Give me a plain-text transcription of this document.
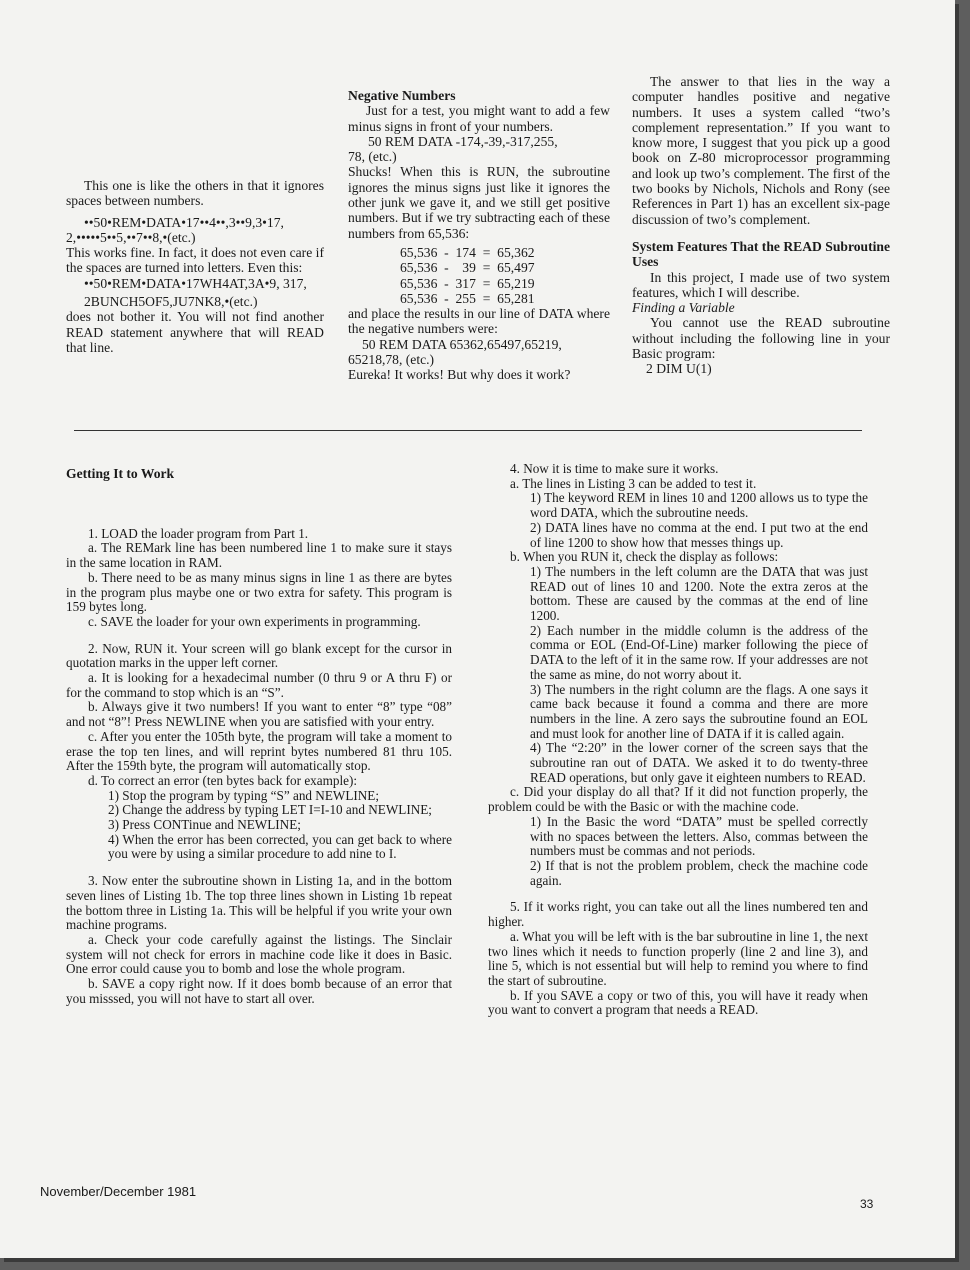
This one is like the others in that it ignores spaces between numbers.

••50•REM•DATA•17••4••,3••9,3•17, 2,•••••5••5,••7••8,•(etc.)

This works fine. In fact, it does not even care if the spaces are turned into letters. Even this:

••50•REM•DATA•17WH4AT,3A•9, 317,

2BUNCH5OF5,JU7NK8,•(etc.)

does not bother it. You will not find another READ statement anywhere that will READ that line.

Negative Numbers

Just for a test, you might want to add a few minus signs in front of your numbers.

50 REM DATA -174,-39,-317,255,

78, (etc.)

Shucks! When this is RUN, the subroutine ignores the minus signs just like it ignores the other junk we gave it, and we still get positive numbers. But if we try subtracting each of these numbers from 65,536:

65,536  -  174  =  65,362

65,536  -    39  =  65,497

65,536  -  317  =  65,219

65,536  -  255  =  65,281

and place the results in our line of DATA where the negative numbers were:

50 REM DATA 65362,65497,65219,

65218,78, (etc.)

Eureka! It works! But why does it work?

The answer to that lies in the way a computer handles positive and negative numbers. It uses a system called “two’s complement representation.” If you want to know more, I suggest that you pick up a good book on Z-80 microprocessor programming and look up two’s complement. The first of the two books by Nichols, Nichols and Rony (see References in Part 1) has an excellent six-page discussion of two’s complement.

System Features That the READ Subroutine Uses

In this project, I made use of two system features, which I will describe.

Finding a Variable

You cannot use the READ subroutine without including the following line in your Basic program:

2 DIM U(1)

Getting It to Work

1. LOAD the loader program from Part 1.

a. The REMark line has been numbered line 1 to make sure it stays in the same location in RAM.

b. There need to be as many minus signs in line 1 as there are bytes in the program plus maybe one or two extra for safety. This program is 159 bytes long.

c. SAVE the loader for your own experiments in programming.

2. Now, RUN it. Your screen will go blank except for the cursor in quotation marks in the upper left corner.

a. It is looking for a hexadecimal number (0 thru 9 or A thru F) or for the command to stop which is an “S”.

b. Always give it two numbers! If you want to enter “8” type “08” and not “8”! Press NEWLINE when you are satisfied with your entry.

c. After you enter the 105th byte, the program will take a moment to erase the top ten lines, and will reprint bytes numbered 81 thru 105. After the 159th byte, the program will automatically stop.

d. To correct an error (ten bytes back for example):

1) Stop the program by typing “S” and NEWLINE;

2) Change the address by typing LET I=I-10 and NEWLINE;

3) Press CONTinue and NEWLINE;

4) When the error has been corrected, you can get back to where you were by using a similar procedure to add nine to I.

3. Now enter the subroutine shown in Listing 1a, and in the bottom seven lines of Listing 1b. The top three lines shown in Listing 1b repeat the bottom three in Listing 1a. This will be helpful if you write your own machine programs.

a. Check your code carefully against the listings. The Sinclair system will not check for errors in machine code like it does in Basic. One error could cause you to bomb and lose the whole program.

b. SAVE a copy right now. If it does bomb because of an error that you misssed, you will not have to start all over.

4. Now it is time to make sure it works.

a. The lines in Listing 3 can be added to test it.

1) The keyword REM in lines 10 and 1200 allows us to type the word DATA, which the subroutine needs.

2) DATA lines have no comma at the end. I put two at the end of line 1200 to show how that messes things up.

b. When you RUN it, check the display as follows:

1) The numbers in the left column are the DATA that was just READ out of lines 10 and 1200. Note the extra zeros at the bottom. These are caused by the commas at the end of line 1200.

2) Each number in the middle column is the address of the comma or EOL (End-Of-Line) marker following the piece of DATA to the left of it in the same row. If your addresses are not the same as mine, do not worry about it.

3) The numbers in the right column are the flags. A one says it came back because it found a comma and there are more numbers in the line. A zero says the subroutine found an EOL and must look for another line of DATA if it is called again.

4) The “2:20” in the lower corner of the screen says that the subroutine ran out of DATA. We asked it to do twenty-three READ operations, but only gave it eighteen numbers to READ.

c. Did your display do all that? If it did not function properly, the problem could be with the Basic or with the machine code.

1) In the Basic the word “DATA” must be spelled correctly with no spaces between the letters. Also, commas between the numbers must be commas and not periods.

2) If that is not the problem problem, check the machine code again.

5. If it works right, you can take out all the lines numbered ten and higher.

a. What you will be left with is the bar subroutine in line 1, the next two lines which it needs to function properly (line 2 and line 3), and line 5, which is not essential but will help to remind you where to find the start of subroutine.

b. If you SAVE a copy or two of this, you will have it ready when you want to convert a program that needs a READ.

November/December 1981
33
